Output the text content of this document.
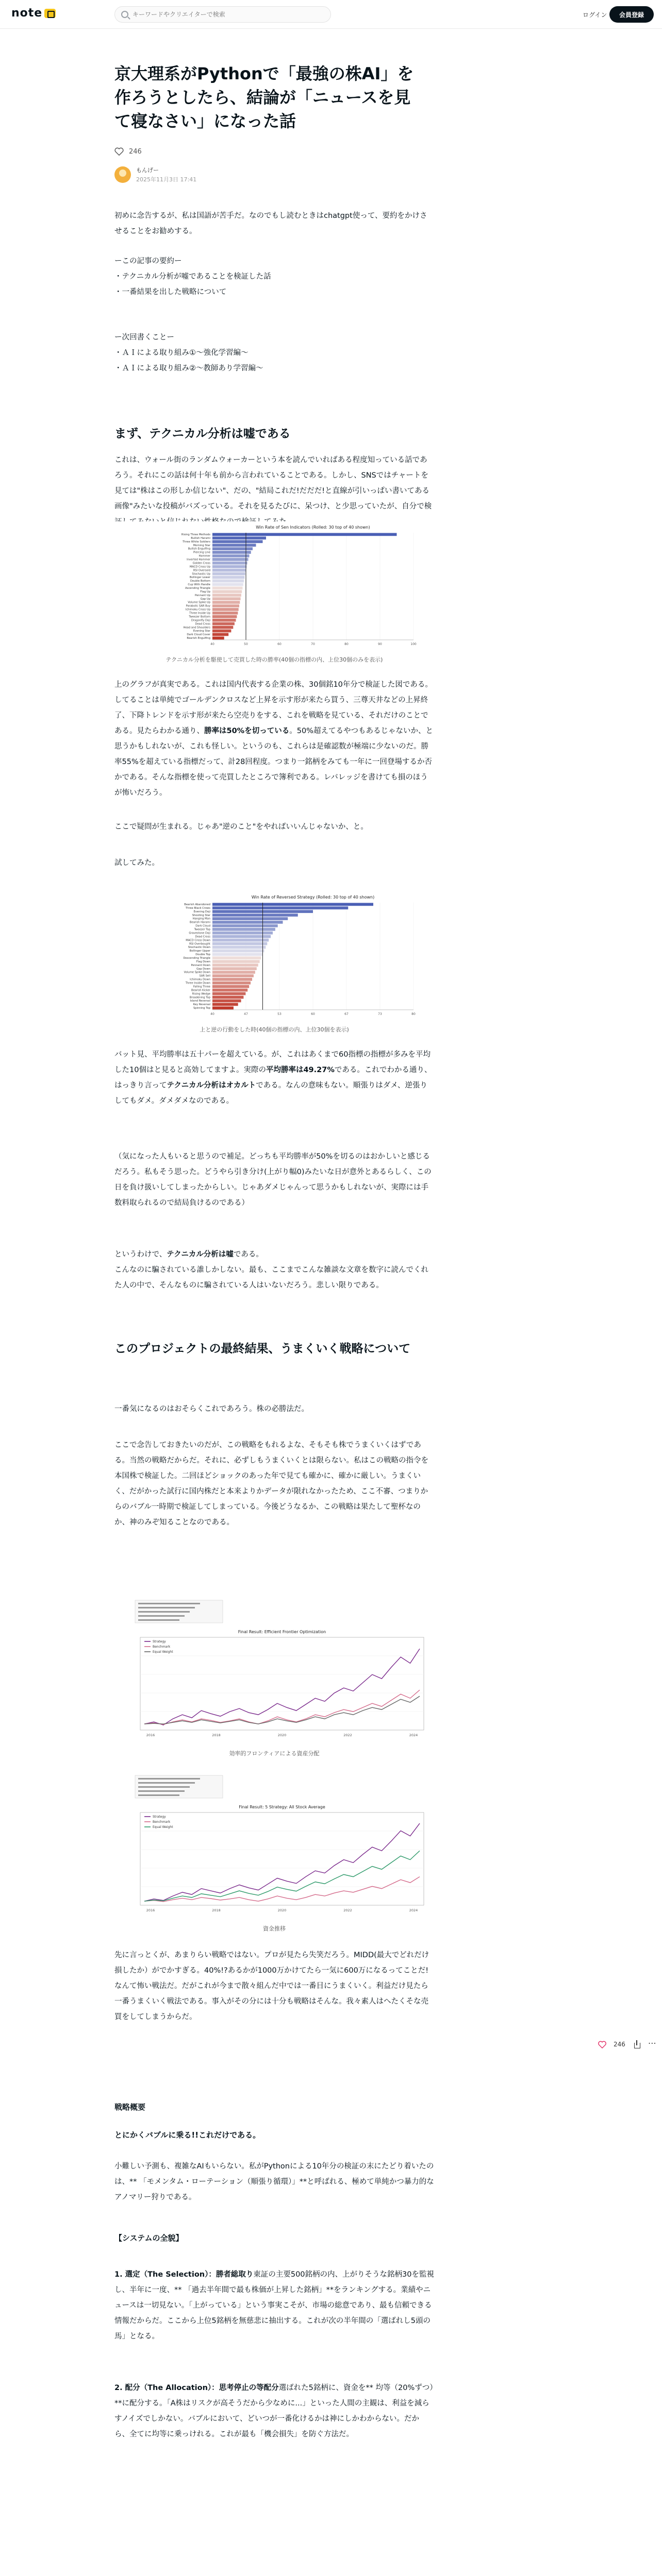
note
キーワードやクリエイターで検索	ログイン	会員登録
京大理系がPythonで「最強の株AI」を作ろうとしたら、結論が「ニュースを見て寝なさい」になった話
246
もんげー
2025年11月3日 17:41

初めに念告するが、私は国語が苦手だ。なのでもし読むときはchatgpt使って、要約をかけさせることをお勧めする。

ーこの記事の要約ー

・テクニカル分析が嘘であることを検証した話

・一番結果を出した戦略について

ー次回書くことー

・ＡＩによる取り組み①〜強化学習編〜

・ＡＩによる取り組み②〜教師あり学習編〜

まず、テクニカル分析は嘘である

これは、ウォール街のランダムウォーカーという本を読んでいればある程度知っている話であろう。それにこの話は何十年も前から言われていることである。しかし、SNSではチャートを見ては"株はこの形しか信じない"、だの、"結局これだ!だだだ!と直線が引いっぱい書いてある画像"みたいな投稿がバズっている。それを見るたびに、呆つけ、と少思っていたが、自分で検

Win Rate of Sen Indicators (Rolled: 30 top of 40 shown)
40	50	60	70	80	90	100
Rising Three Methods
Bullish Harami
Three White Soldiers
Morning Star
Bullish Engulfing
Piercing Line
Hammer
Inverted Hammer
Golden Cross
MACD Cross Up
RSI Oversold
Stochastic Up
Bollinger Lower
Double Bottom
Cup With Handle
Ascending Triangle
Flag Up
Pennant Up
Gap Up
Volume Spike Up
Parabolic SAR Buy
Ichimoku Cross Up
Three Inside Up
Tweezer Bottom
Dragonfly Doji
Dead Cross
Head and Shoulders
Evening Star
Dark Cloud Cover
Bearish Engulfing

テクニカル分析を駆使して売買した時の勝率(40個の指標の内、上位30個のみを表示)

上のグラフが真実である。これは国内代表する企業の株、30個銘10年分で検証した図である。してることは単純でゴールデンクロスなど上昇を示す形が来たら買う、三尊天井などの上昇終了、下降トレンドを示す形が来たら空売りをする、これを戦略を見ている、それだけのことである。見たらわかる通り、勝率は50%を切っている。50%超えてるやつもあるじゃないか、と思うかもしれないが、これも怪しい。というのも、これらは是確認数が極端に少ないのだ。勝率55%を超えている指標だって、計28回程度。つまり一銘柄をみても一年に一回登場するか否かである。そんな指標を使って売買したところで簿利である。レバレッジを書けても損のほうが怖いだろう。

ここで疑問が生まれる。じゃあ"逆のこと"をやればいいんじゃないか、と。

試してみた。

Win Rate of Reversed Strategy (Rolled: 30 top of 40 shown)
40	47	53	60	67	73	80
Bearish Abandoned
Three Black Crows
Evening Doji
Shooting Star
Hanging Man
Bearish Harami
Dark Cloud
Tweezer Top
Gravestone Doji
Dead Cross
MACD Cross Down
RSI Overbought
Stochastic Down
Bollinger Upper
Double Top
Descending Triangle
Flag Down
Pennant Down
Gap Down
Volume Spike Down
SAR Sell
Ichimoku Down
Three Inside Down
Falling Three
Bearish Kicker
Rising Wedge
Broadening Top
Island Reversal
Key Reversal
Spinning Top

上と逆の行動をした時(40個の指標の内、上位30個を表示)

バット見、平均勝率は五十パーを超えている。が、これはあくまで60指標の指標が多みを平均した10個はと見ると高効してますよ。実際の平均勝率は49.27%である。これでわかる通り、はっきり言ってテクニカル分析はオカルトである。なんの意味もない。順張りはダメ、逆張りしてもダメ。ダメダメなのである。

（気になった人もいると思うので補足。どっちも平均勝率が50%を切るのはおかしいと感じるだろう。私もそう思った。どうやら引き分け(上がり幅0)みたいな日が意外とあるらしく、この日を負け扱いしてしまったからしい。じゃあダメじゃんって思うかもしれないが、実際には手数料取られるので結局負けるのである）

というわけで、テクニカル分析は嘘である。
こんなのに騙されている誰しかしない。最も、ここまでこんな雑談な文章を数字に読んでくれた人の中で、そんなものに騙されている人はいないだろう。悲しい限りである。

このプロジェクトの最終結果、うまくいく戦略について

一番気になるのはおそらくこれであろう。株の必勝法だ。

ここで念告しておきたいのだが、この戦略をもれるよな、そもそも株でうまくいくはずである。当然の戦略だからだ。それに、必ずしもうまくいくとは限らない。私はこの戦略の指令を本国株で検証した。二回ほどショックのあった年で見ても確かに、確かに厳しい。うまくいく、だがかった試行に国内株だと本来よりかデータが限れなかったため、ここ不審、つまりからのバブル一時期で検証してしまっている。今後どうなるか、この戦略は果たして聖杯なのか、神のみぞ知ることなのである。

Final Result: Efficient Frontier Optimization
2016	2018	2020	2022	2024
Strategy
Benchmark
Equal Weight

効率的フロンティアによる資産分配

Final Result: 5 Strategy: All Stock Average
2016	2018	2020	2022	2024
Strategy
Benchmark
Equal Weight

資金推移

先に言っとくが、あまりらい戦略ではない。プロが見たら失笑だろう。MIDD(最大でどれだけ損したか）がでかすぎる。40%!?あるかが1000万かけてたら一気に600万になるってことだ!なんて怖い戦法だ。だがこれが今まで散々組んだ中では一番目にうまくいく。利益だけ見たら一番うまくいく戦法である。事入がその分には十分も戦略はそんな。我々素人はへたくそな売買をしてしまうからだ。

戦略概要
とにかくバブルに乗る!!これだけである。

小難しい予測も、複雑なAIもいらない。私がPythonによる10年分の検証の末にたどり着いたのは、** 「モメンタム・ローテーション（順張り循環）」**と呼ばれる、極めて単純かつ暴力的なアノマリー狩りである。

【システムの全貌】

1. 選定（The Selection）：勝者総取り東証の主要500銘柄の内、上がりそうな銘柄30を監視し、半年に一度、** 「過去半年間で最も株価が上昇した銘柄」**をランキングする。業績やニュースは一切見ない。「上がっている」という事実こそが、市場の総意であり、最も信頼できる情報だからだ。ここから上位5銘柄を無慈悲に抽出する。これが次の半年間の「選ばれし5頭の馬」となる。

2. 配分（The Allocation）：思考停止の等配分選ばれた5銘柄に、資金を** 均等（20%ずつ）**に配分する。「A株はリスクが高そうだから少なめに...」といった人間の主観は、利益を減らすノイズでしかない。バブルにおいて、どいつが一番化けるかは神にしかわからない。だから、全てに均等に乗っけれる。これが最も「機会損失」を防ぐ方法だ。

246
⋯
